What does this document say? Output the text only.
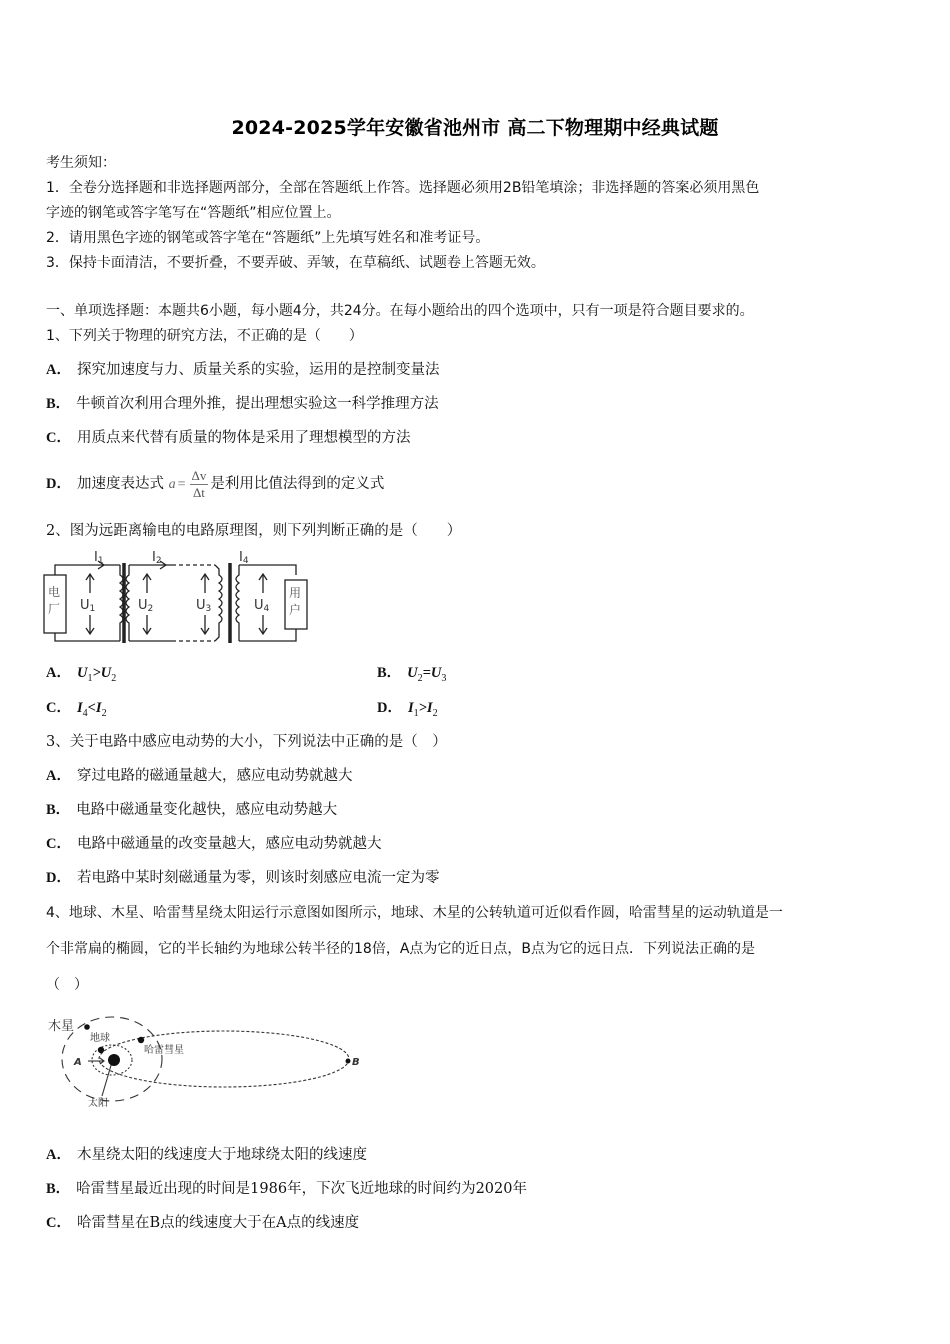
2024-2025学年安徽省池州市 高二下物理期中经典试题
考生须知：
1．全卷分选择题和非选择题两部分，全部在答题纸上作答。选择题必须用2B铅笔填涂；非选择题的答案必须用黑色
字迹的钢笔或答字笔写在“答题纸”相应位置上。
2．请用黑色字迹的钢笔或答字笔在“答题纸”上先填写姓名和准考证号。
3．保持卡面清洁，不要折叠，不要弄破、弄皱，在草稿纸、试题卷上答题无效。
一、单项选择题：本题共6小题，每小题4分，共24分。在每小题给出的四个选项中，只有一项是符合题目要求的。
1、下列关于物理的研究方法，不正确的是（　　）
A． 探究加速度与力、质量关系的实验，运用的是控制变量法
B． 牛顿首次利用合理外推，提出理想实验这一科学推理方法
C． 用质点来代替有质量的物体是采用了理想模型的方法
D． 加速度表达式 $a = \frac{\Delta v}{\Delta t}$ 是利用比值法得到的定义式
2、图为远距离输电的电路原理图，则下列判断正确的是（　　）
I1	I2	I4
U1	U2	U3	U4
电
厂
用
户
A． $U_1>U_2$	B． $U_2=U_3$
C． $I_4<I_2$	D． $I_1>I_2$
3、关于电路中感应电动势的大小，下列说法中正确的是（　）
A． 穿过电路的磁通量越大，感应电动势就越大
B． 电路中磁通量变化越快，感应电动势越大
C． 电路中磁通量的改变量越大，感应电动势就越大
D． 若电路中某时刻磁通量为零，则该时刻感应电流一定为零
4、地球、木星、哈雷彗星绕太阳运行示意图如图所示，地球、木星的公转轨道可近似看作圆，哈雷彗星的运动轨道是一
个非常扁的椭圆，它的半长轴约为地球公转半径的18倍，A点为它的近日点，B点为它的远日点．下列说法正确的是
（　）
木星
地球
哈雷彗星
太阳
A	B
A． 木星绕太阳的线速度大于地球绕太阳的线速度
B． 哈雷彗星最近出现的时间是1986年，下次飞近地球的时间约为2020年
C． 哈雷彗星在B点的线速度大于在A点的线速度
